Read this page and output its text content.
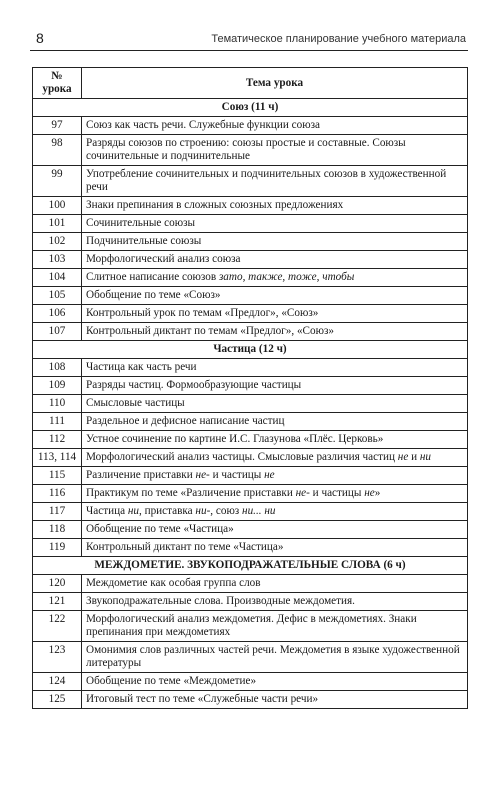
8	Тематическое планирование учебного материала
№ урока	Тема урока
Союз (11 ч)	
97	Союз как часть речи. Служебные функции союза
98	Разряды союзов по строению: союзы простые и составные. Союзы сочинительные и подчинительные
99	Употребление сочинительных и подчинительных союзов в художественной речи
100	Знаки препинания в сложных союзных предложениях
101	Сочинительные союзы
102	Подчинительные союзы
103	Морфологический анализ союза
104	Слитное написание союзов зато, также, тоже, чтобы
105	Обобщение по теме «Союз»
106	Контрольный урок по темам «Предлог», «Союз»
107	Контрольный диктант по темам «Предлог», «Союз»
Частица (12 ч)	
108	Частица как часть речи
109	Разряды частиц. Формообразующие частицы
110	Смысловые частицы
111	Раздельное и дефисное написание частиц
112	Устное сочинение по картине И.С. Глазунова «Плёс. Церковь»
113, 114	Морфологический анализ частицы. Смысловые различия частиц не и ни
115	Различение приставки не- и частицы не
116	Практикум по теме «Различение приставки не- и частицы не»
117	Частица ни, приставка ни-, союз ни... ни
118	Обобщение по теме «Частица»
119	Контрольный диктант по теме «Частица»
МЕЖДОМЕТИЕ. ЗВУКОПОДРАЖАТЕЛЬНЫЕ СЛОВА (6 ч)	
120	Междометие как особая группа слов
121	Звукоподражательные слова. Производные междометия.
122	Морфологический анализ междометия. Дефис в междометиях. Знаки препинания при междометиях
123	Омонимия слов различных частей речи. Междометия в языке художественной литературы
124	Обобщение по теме «Междометие»
125	Итоговый тест по теме «Служебные части речи»
